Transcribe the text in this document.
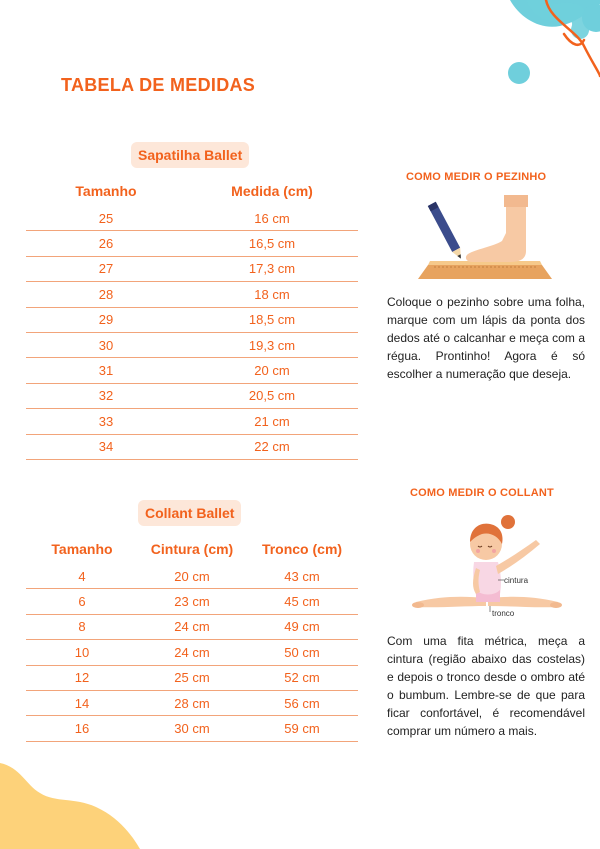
TABELA DE MEDIDAS
Sapatilha Ballet
Tamanho	Medida (cm)
25	16 cm
26	16,5 cm
27	17,3 cm
28	18 cm
29	18,5 cm
30	19,3 cm
31	20 cm
32	20,5 cm
33	21 cm
34	22 cm
Collant Ballet
Tamanho	Cintura (cm)	Tronco (cm)
4	20 cm	43 cm
6	23 cm	45 cm
8	24 cm	49 cm
10	24 cm	50 cm
12	25 cm	52 cm
14	28 cm	56 cm
16	30 cm	59 cm
COMO MEDIR O PEZINHO

Coloque o pezinho sobre uma folha, marque com um lápis da ponta dos dedos até o calcanhar e meça com a régua. Prontinho! Agora é só escolher a numeração que deseja.

COMO MEDIR O COLLANT
cintura
tronco

Com uma fita métrica, meça a cintura (região abaixo das costelas) e depois o tronco desde o ombro até o bumbum. Lembre-se de que para ficar confortável, é recomendável comprar um número a mais.
